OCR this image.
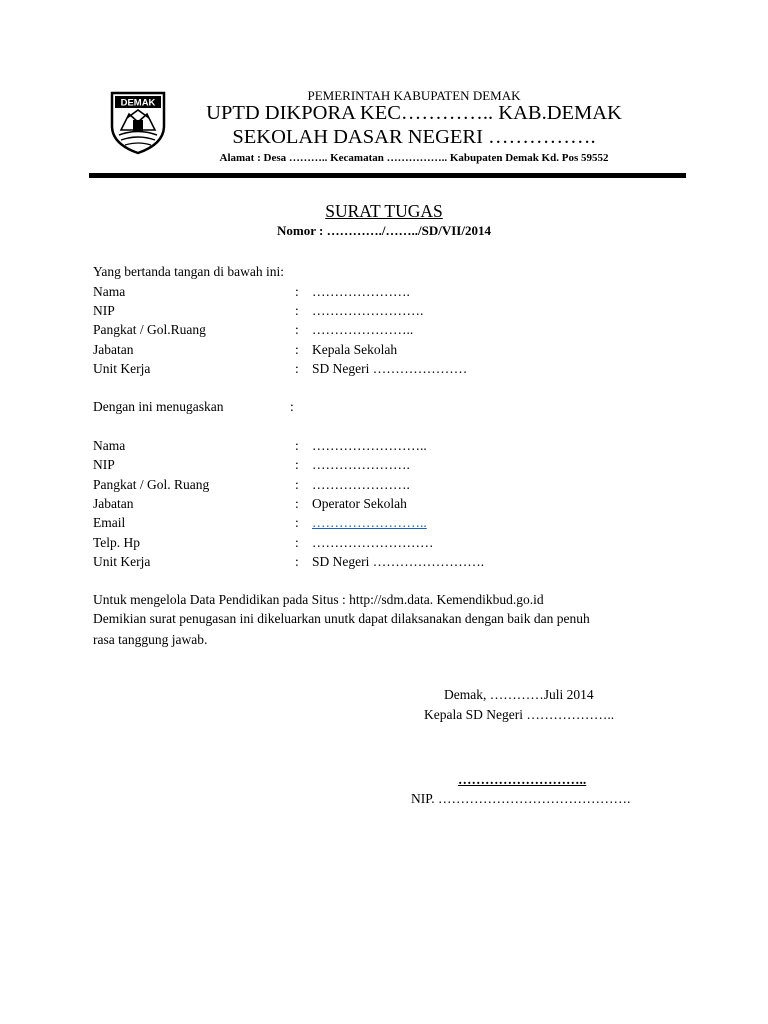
DEMAK	PEMERINTAH KABUPATEN DEMAK
UPTD DIKPORA KEC………….. KAB.DEMAK
SEKOLAH DASAR NEGERI …………….
Alamat : Desa ……….. Kecamatan …………….. Kabupaten Demak Kd. Pos 59552
SURAT TUGAS
Nomor : …………./……../SD/VII/2014
Yang bertanda tangan di bawah ini:
Nama	: ………………….
NIP	: …………………….
Pangkat / Gol.Ruang	: …………………..
Jabatan	: Kepala Sekolah
Unit Kerja	: SD Negeri …………………
Dengan ini menugaskan	:
Nama	: ……………………..
NIP	: ………………….
Pangkat / Gol. Ruang	: ………………….
Jabatan	: Operator Sekolah
Email	: ……………………..
Telp. Hp	: ………………………
Unit Kerja	: SD Negeri …………………….
Untuk mengelola Data Pendidikan pada Situs : http://sdm.data. Kemendikbud.go.id
Demikian surat penugasan ini dikeluarkan unutk dapat dilaksanakan dengan baik dan penuh
rasa tanggung jawab.
Demak, …………Juli 2014
Kepala SD Negeri ………………..
………………………..
NIP. …………………………………….
